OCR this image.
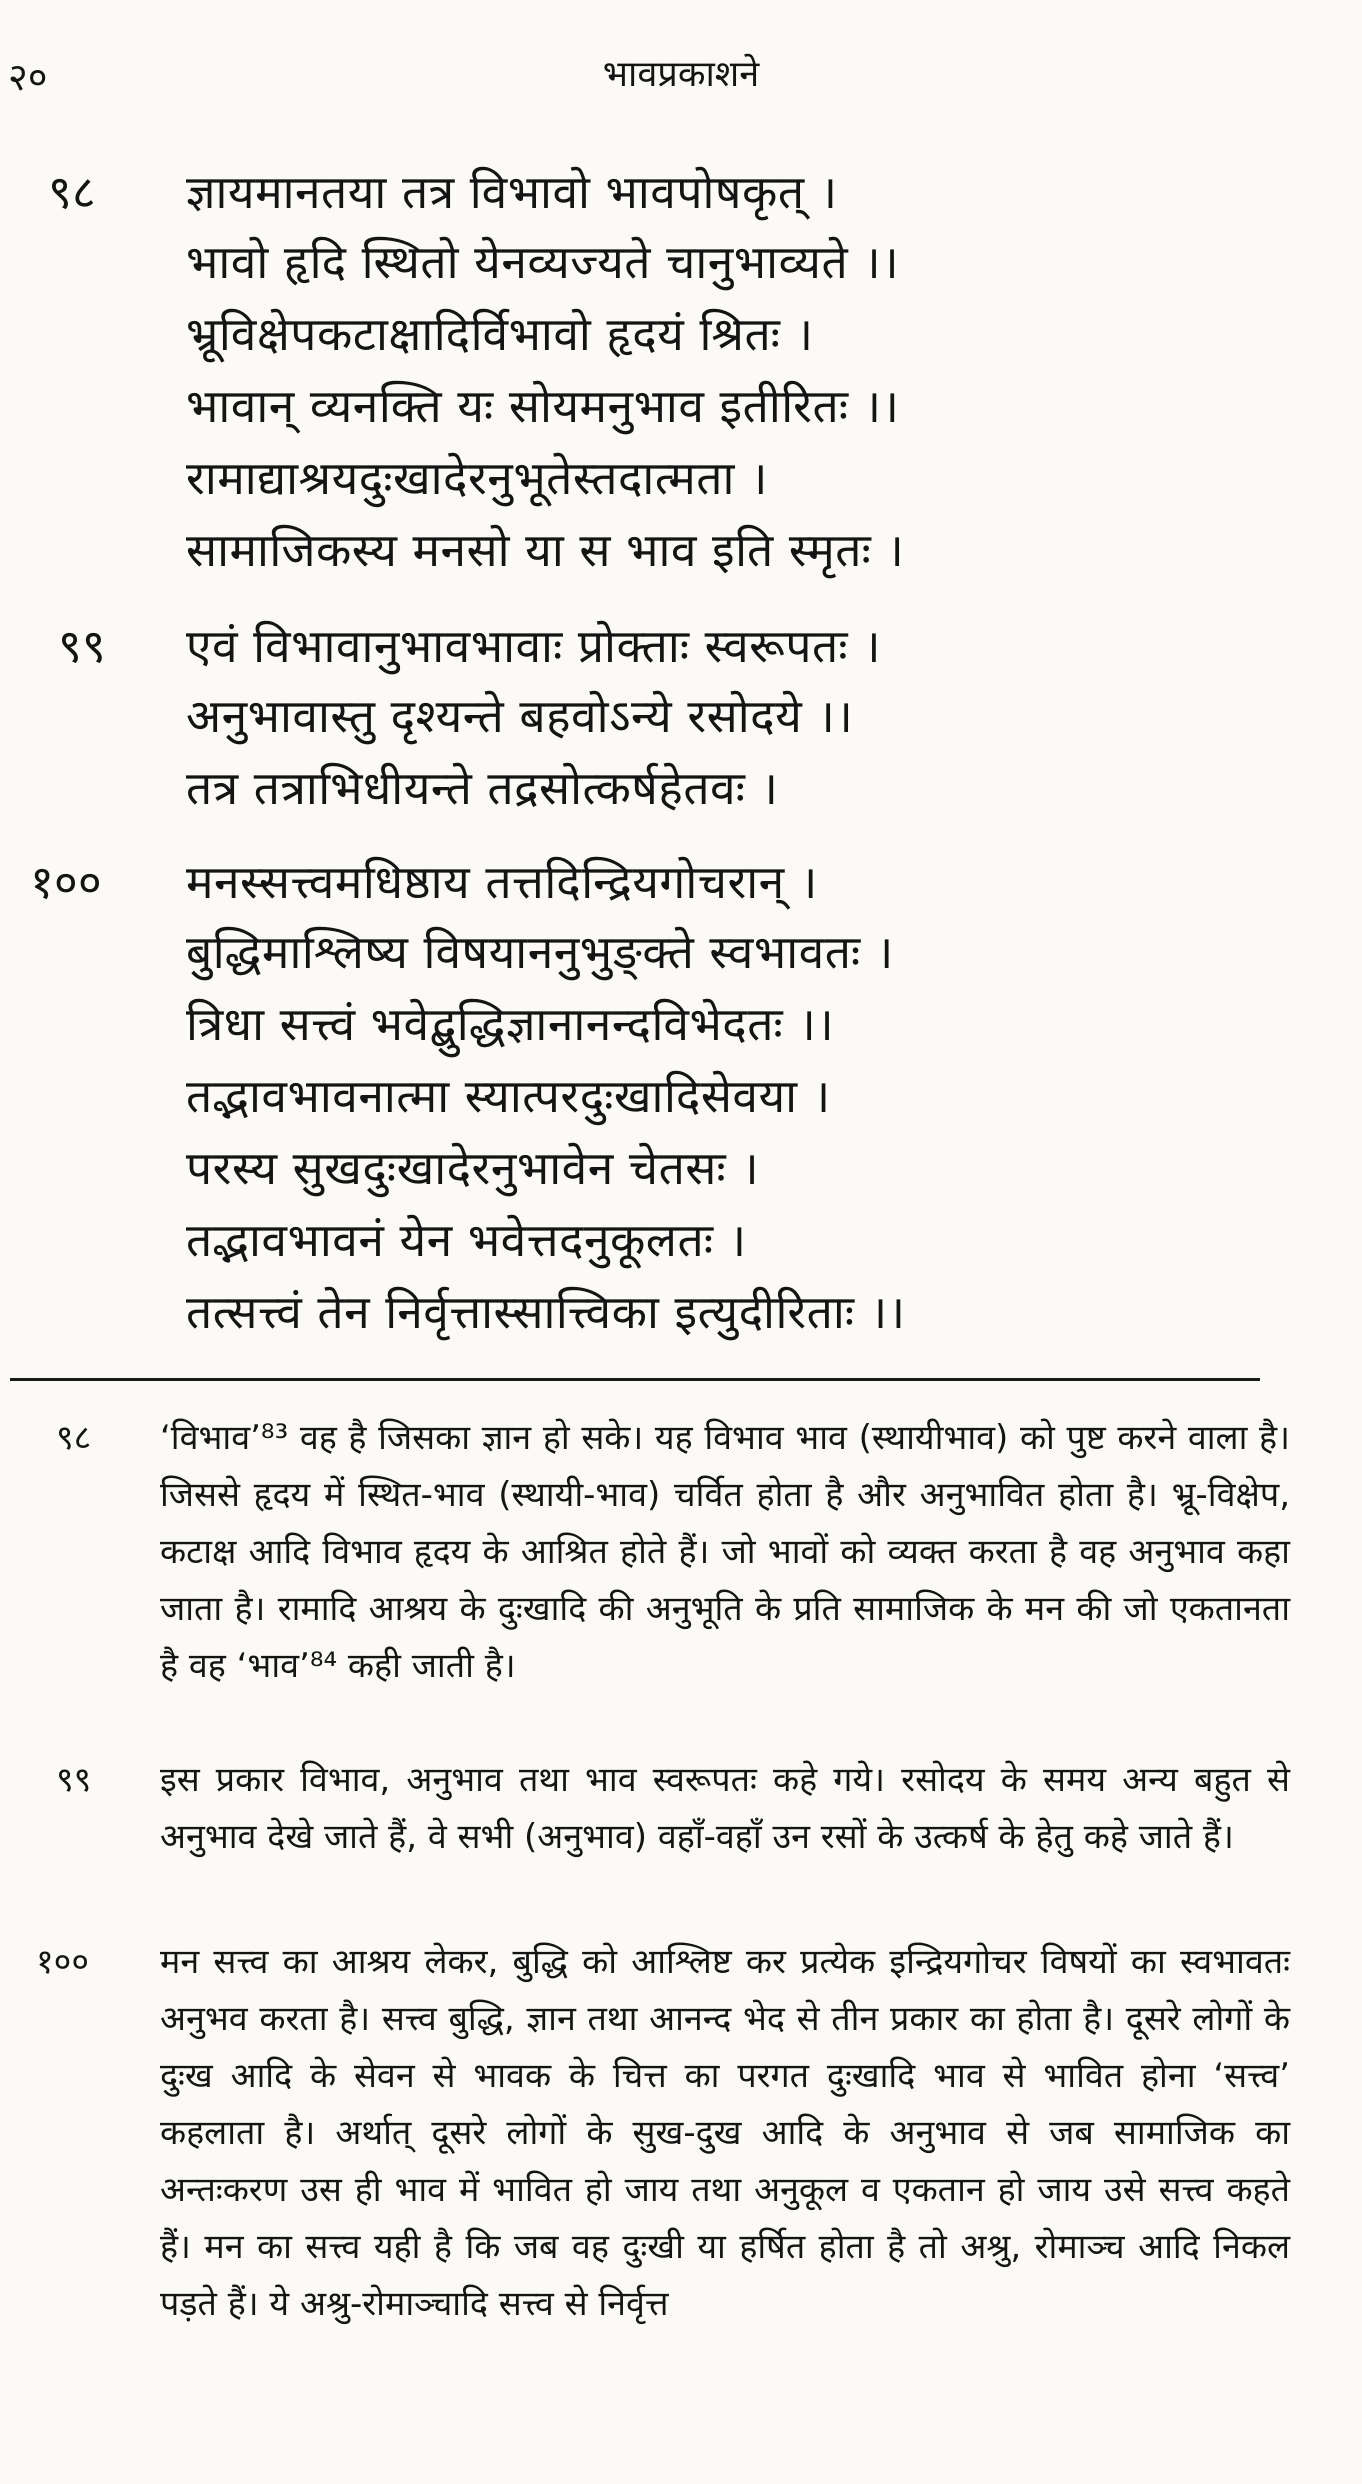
२०	भावप्रकाशने
९८ ज्ञायमानतया तत्र विभावो भावपोषकृत् ।
भावो हृदि स्थितो येनव्यज्यते चानुभाव्यते ।।
भ्रूविक्षेपकटाक्षादिर्विभावो हृदयं श्रितः ।
भावान् व्यनक्ति यः सोयमनुभाव इतीरितः ।।
रामाद्याश्रयदुःखादेरनुभूतेस्तदात्मता ।
सामाजिकस्य मनसो या स भाव इति स्मृतः ।
९९ एवं विभावानुभावभावाः प्रोक्ताः स्वरूपतः ।
अनुभावास्तु दृश्यन्ते बहवोऽन्ये रसोदये ।।
तत्र तत्राभिधीयन्ते तद्रसोत्कर्षहेतवः ।
१०० मनस्सत्त्वमधिष्ठाय तत्तदिन्द्रियगोचरान् ।
बुद्धिमाश्लिष्य विषयाननुभुङ्क्ते स्वभावतः ।
त्रिधा सत्त्वं भवेद्बुद्धिज्ञानानन्दविभेदतः ।।
तद्भावभावनात्मा स्यात्परदुःखादिसेवया ।
परस्य सुखदुःखादेरनुभावेन चेतसः ।
तद्भावभावनं येन भवेत्तदनुकूलतः ।
तत्सत्त्वं तेन निर्वृत्तास्सात्त्विका इत्युदीरिताः ।।
९८ ‘विभाव’⁸³ वह है जिसका ज्ञान हो सके। यह विभाव भाव (स्थायीभाव) को पुष्ट करने वाला है। जिससे हृदय में स्थित-भाव (स्थायी-भाव) चर्वित होता है और अनुभावित होता है। भ्रू-विक्षेप, कटाक्ष आदि विभाव हृदय के आश्रित होते हैं। जो भावों को व्यक्त करता है वह अनुभाव कहा जाता है। रामादि आश्रय के दुःखादि की अनुभूति के प्रति सामाजिक के मन की जो एकतानता है वह ‘भाव’⁸⁴ कही जाती है।
९९ इस प्रकार विभाव, अनुभाव तथा भाव स्वरूपतः कहे गये। रसोदय के समय अन्य बहुत से अनुभाव देखे जाते हैं, वे सभी (अनुभाव) वहाँ-वहाँ उन रसों के उत्कर्ष के हेतु कहे जाते हैं।
१०० मन सत्त्व का आश्रय लेकर, बुद्धि को आश्लिष्ट कर प्रत्येक इन्द्रियगोचर विषयों का स्वभावतः अनुभव करता है। सत्त्व बुद्धि, ज्ञान तथा आनन्द भेद से तीन प्रकार का होता है। दूसरे लोगों के दुःख आदि के सेवन से भावक के चित्त का परगत दुःखादि भाव से भावित होना ‘सत्त्व’ कहलाता है। अर्थात् दूसरे लोगों के सुख-दुख आदि के अनुभाव से जब सामाजिक का अन्तःकरण उस ही भाव में भावित हो जाय तथा अनुकूल व एकतान हो जाय उसे सत्त्व कहते हैं। मन का सत्त्व यही है कि जब वह दुःखी या हर्षित होता है तो अश्रु, रोमाञ्च आदि निकल पड़ते हैं। ये अश्रु-रोमाञ्चादि सत्त्व से निर्वृत्त
